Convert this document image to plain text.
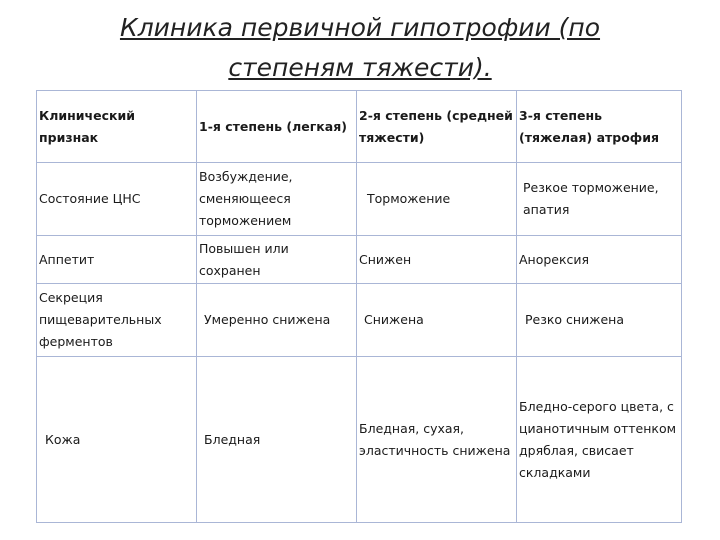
Клиника первичной гипотрофии (по степеням тяжести).
Клинический признак	1-я степень (легкая)	2-я степень (средней тяжести)	3-я степень (тяжелая) атрофия
Состояние ЦНС	Возбуждение, сменяющееся торможением	Торможение	Резкое торможение, апатия
Аппетит	Повышен или сохранен	Снижен	Анорексия
Секреция пищеварительных ферментов	Умеренно снижена	Снижена	Резко снижена
Кожа	Бледная	Бледная, сухая, эластичность снижена	Бледно-серого цвета, с цианотичным оттенком дряблая, свисает складками
